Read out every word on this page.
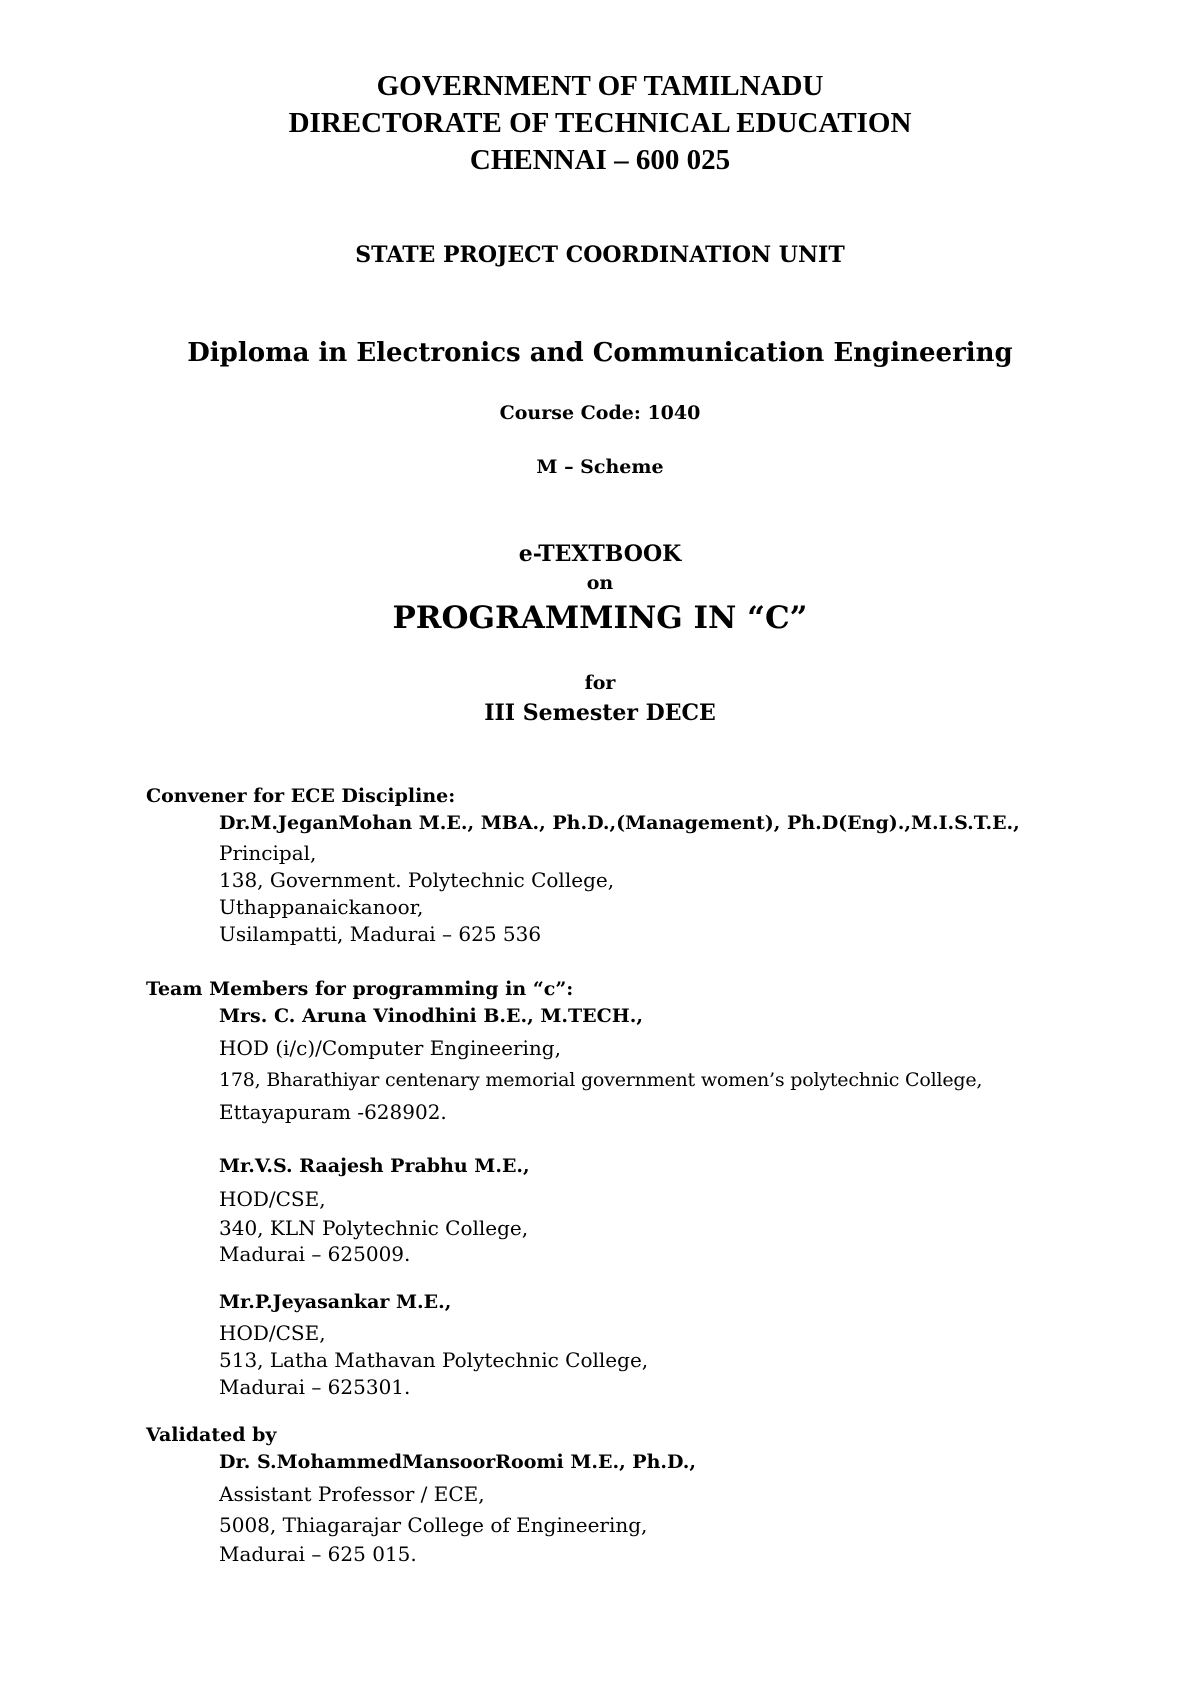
GOVERNMENT OF TAMILNADU
DIRECTORATE OF TECHNICAL EDUCATION
CHENNAI – 600 025
STATE PROJECT COORDINATION UNIT
Diploma in Electronics and Communication Engineering
Course Code: 1040
M – Scheme
e-TEXTBOOK
on
PROGRAMMING IN “C”
for
III Semester DECE
Convener for ECE Discipline:
Dr.M.JeganMohan M.E., MBA., Ph.D.,(Management), Ph.D(Eng).,M.I.S.T.E.,
Principal,
138, Government. Polytechnic College,
Uthappanaickanoor,
Usilampatti, Madurai – 625 536
Team Members for programming in “c”:
Mrs. C. Aruna Vinodhini B.E., M.TECH.,
HOD (i/c)/Computer Engineering,
178, Bharathiyar centenary memorial government women’s polytechnic College,
Ettayapuram -628902.
Mr.V.S. Raajesh Prabhu M.E.,
HOD/CSE,
340, KLN Polytechnic College,
Madurai – 625009.
Mr.P.Jeyasankar M.E.,
HOD/CSE,
513, Latha Mathavan Polytechnic College,
Madurai – 625301.
Validated by
Dr. S.MohammedMansoorRoomi M.E., Ph.D.,
Assistant Professor / ECE,
5008, Thiagarajar College of Engineering,
Madurai – 625 015.
